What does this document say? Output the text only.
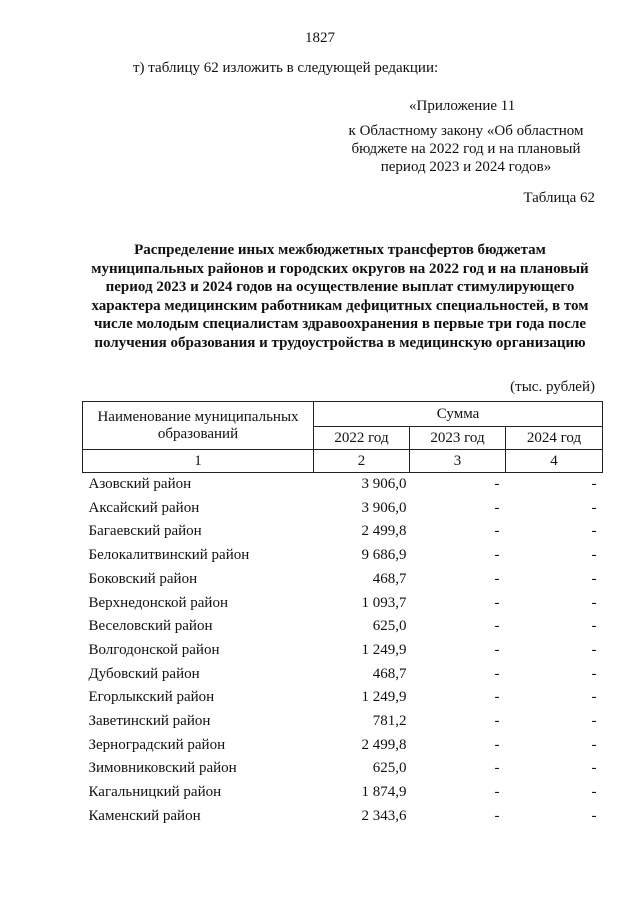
1827
т) таблицу 62 изложить в следующей редакции:
«Приложение 11
к Областному закону «Об областном
бюджете на 2022 год и на плановый
период 2023 и 2024 годов»
Таблица 62
Распределение иных межбюджетных трансфертов бюджетам
муниципальных районов и городских округов на 2022 год и на плановый
период 2023 и 2024 годов на осуществление выплат стимулирующего
характера медицинским работникам дефицитных специальностей, в том
числе молодым специалистам здравоохранения в первые три года после
получения образования и трудоустройства в медицинскую организацию
(тыс. рублей)
Наименование муниципальных
образований	Сумма		
	2022 год	2023 год	2024 год
1	2	3	4
Азовский район	3 906,0	-	-
Аксайский район	3 906,0	-	-
Багаевский район	2 499,8	-	-
Белокалитвинский район	9 686,9	-	-
Боковский район	468,7	-	-
Верхнедонской район	1 093,7	-	-
Веселовский район	625,0	-	-
Волгодонской район	1 249,9	-	-
Дубовский район	468,7	-	-
Егорлыкский район	1 249,9	-	-
Заветинский район	781,2	-	-
Зерноградский район	2 499,8	-	-
Зимовниковский район	625,0	-	-
Кагальницкий район	1 874,9	-	-
Каменский район	2 343,6	-	-
